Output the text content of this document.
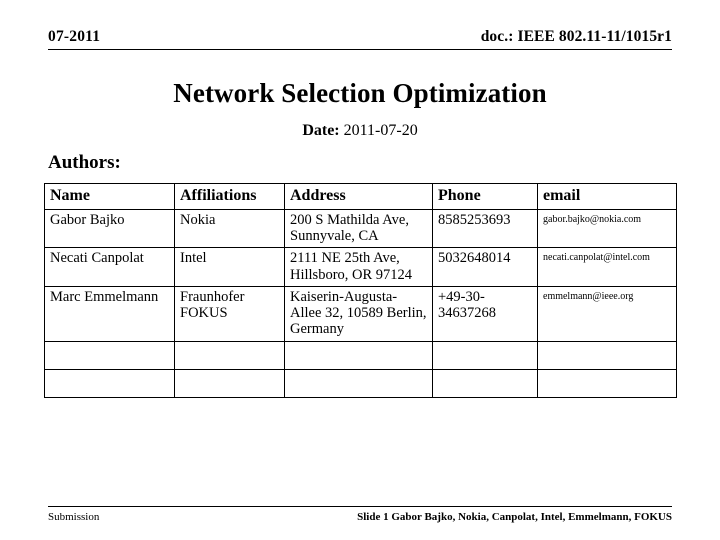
07-2011	doc.: IEEE 802.11-11/1015r1
Network Selection Optimization
Date: 2011-07-20
Authors:
Name	Affiliations	Address	Phone	email
Gabor Bajko	Nokia	200 S Mathilda Ave, Sunnyvale, CA	8585253693	gabor.bajko@nokia.com
Necati Canpolat	Intel	2111 NE 25th Ave, Hillsboro, OR 97124	5032648014	necati.canpolat@intel.com
Marc Emmelmann	Fraunhofer FOKUS	Kaiserin-Augusta-Allee 32, 10589 Berlin, Germany	+49-30-34637268	emmelmann@ieee.org

Submission	Slide 1 Gabor Bajko, Nokia, Canpolat, Intel, Emmelmann, FOKUS
